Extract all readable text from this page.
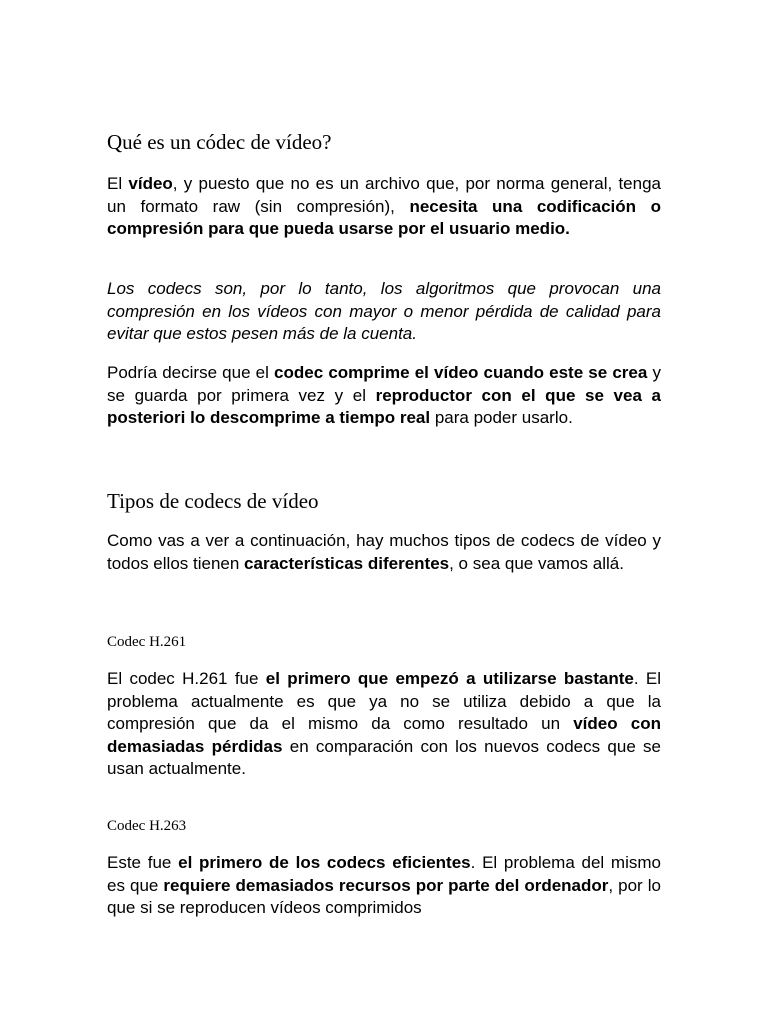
Qué es un códec de vídeo?

El vídeo, y puesto que no es un archivo que, por norma general, tenga un formato raw (sin compresión), necesita una codificación o compresión para que pueda usarse por el usuario medio.

Los codecs son, por lo tanto, los algoritmos que provocan una compresión en los vídeos con mayor o menor pérdida de calidad para evitar que estos pesen más de la cuenta.

Podría decirse que el codec comprime el vídeo cuando este se crea y se guarda por primera vez y el reproductor con el que se vea a posteriori lo descomprime a tiempo real para poder usarlo.

Tipos de codecs de vídeo

Como vas a ver a continuación, hay muchos tipos de codecs de vídeo y todos ellos tienen características diferentes, o sea que vamos allá.

Codec H.261

El codec H.261 fue el primero que empezó a utilizarse bastante. El problema actualmente es que ya no se utiliza debido a que la compresión que da el mismo da como resultado un vídeo con demasiadas pérdidas en comparación con los nuevos codecs que se usan actualmente.

Codec H.263

Este fue el primero de los codecs eficientes. El problema del mismo es que requiere demasiados recursos por parte del ordenador, por lo que si se reproducen vídeos comprimidos
